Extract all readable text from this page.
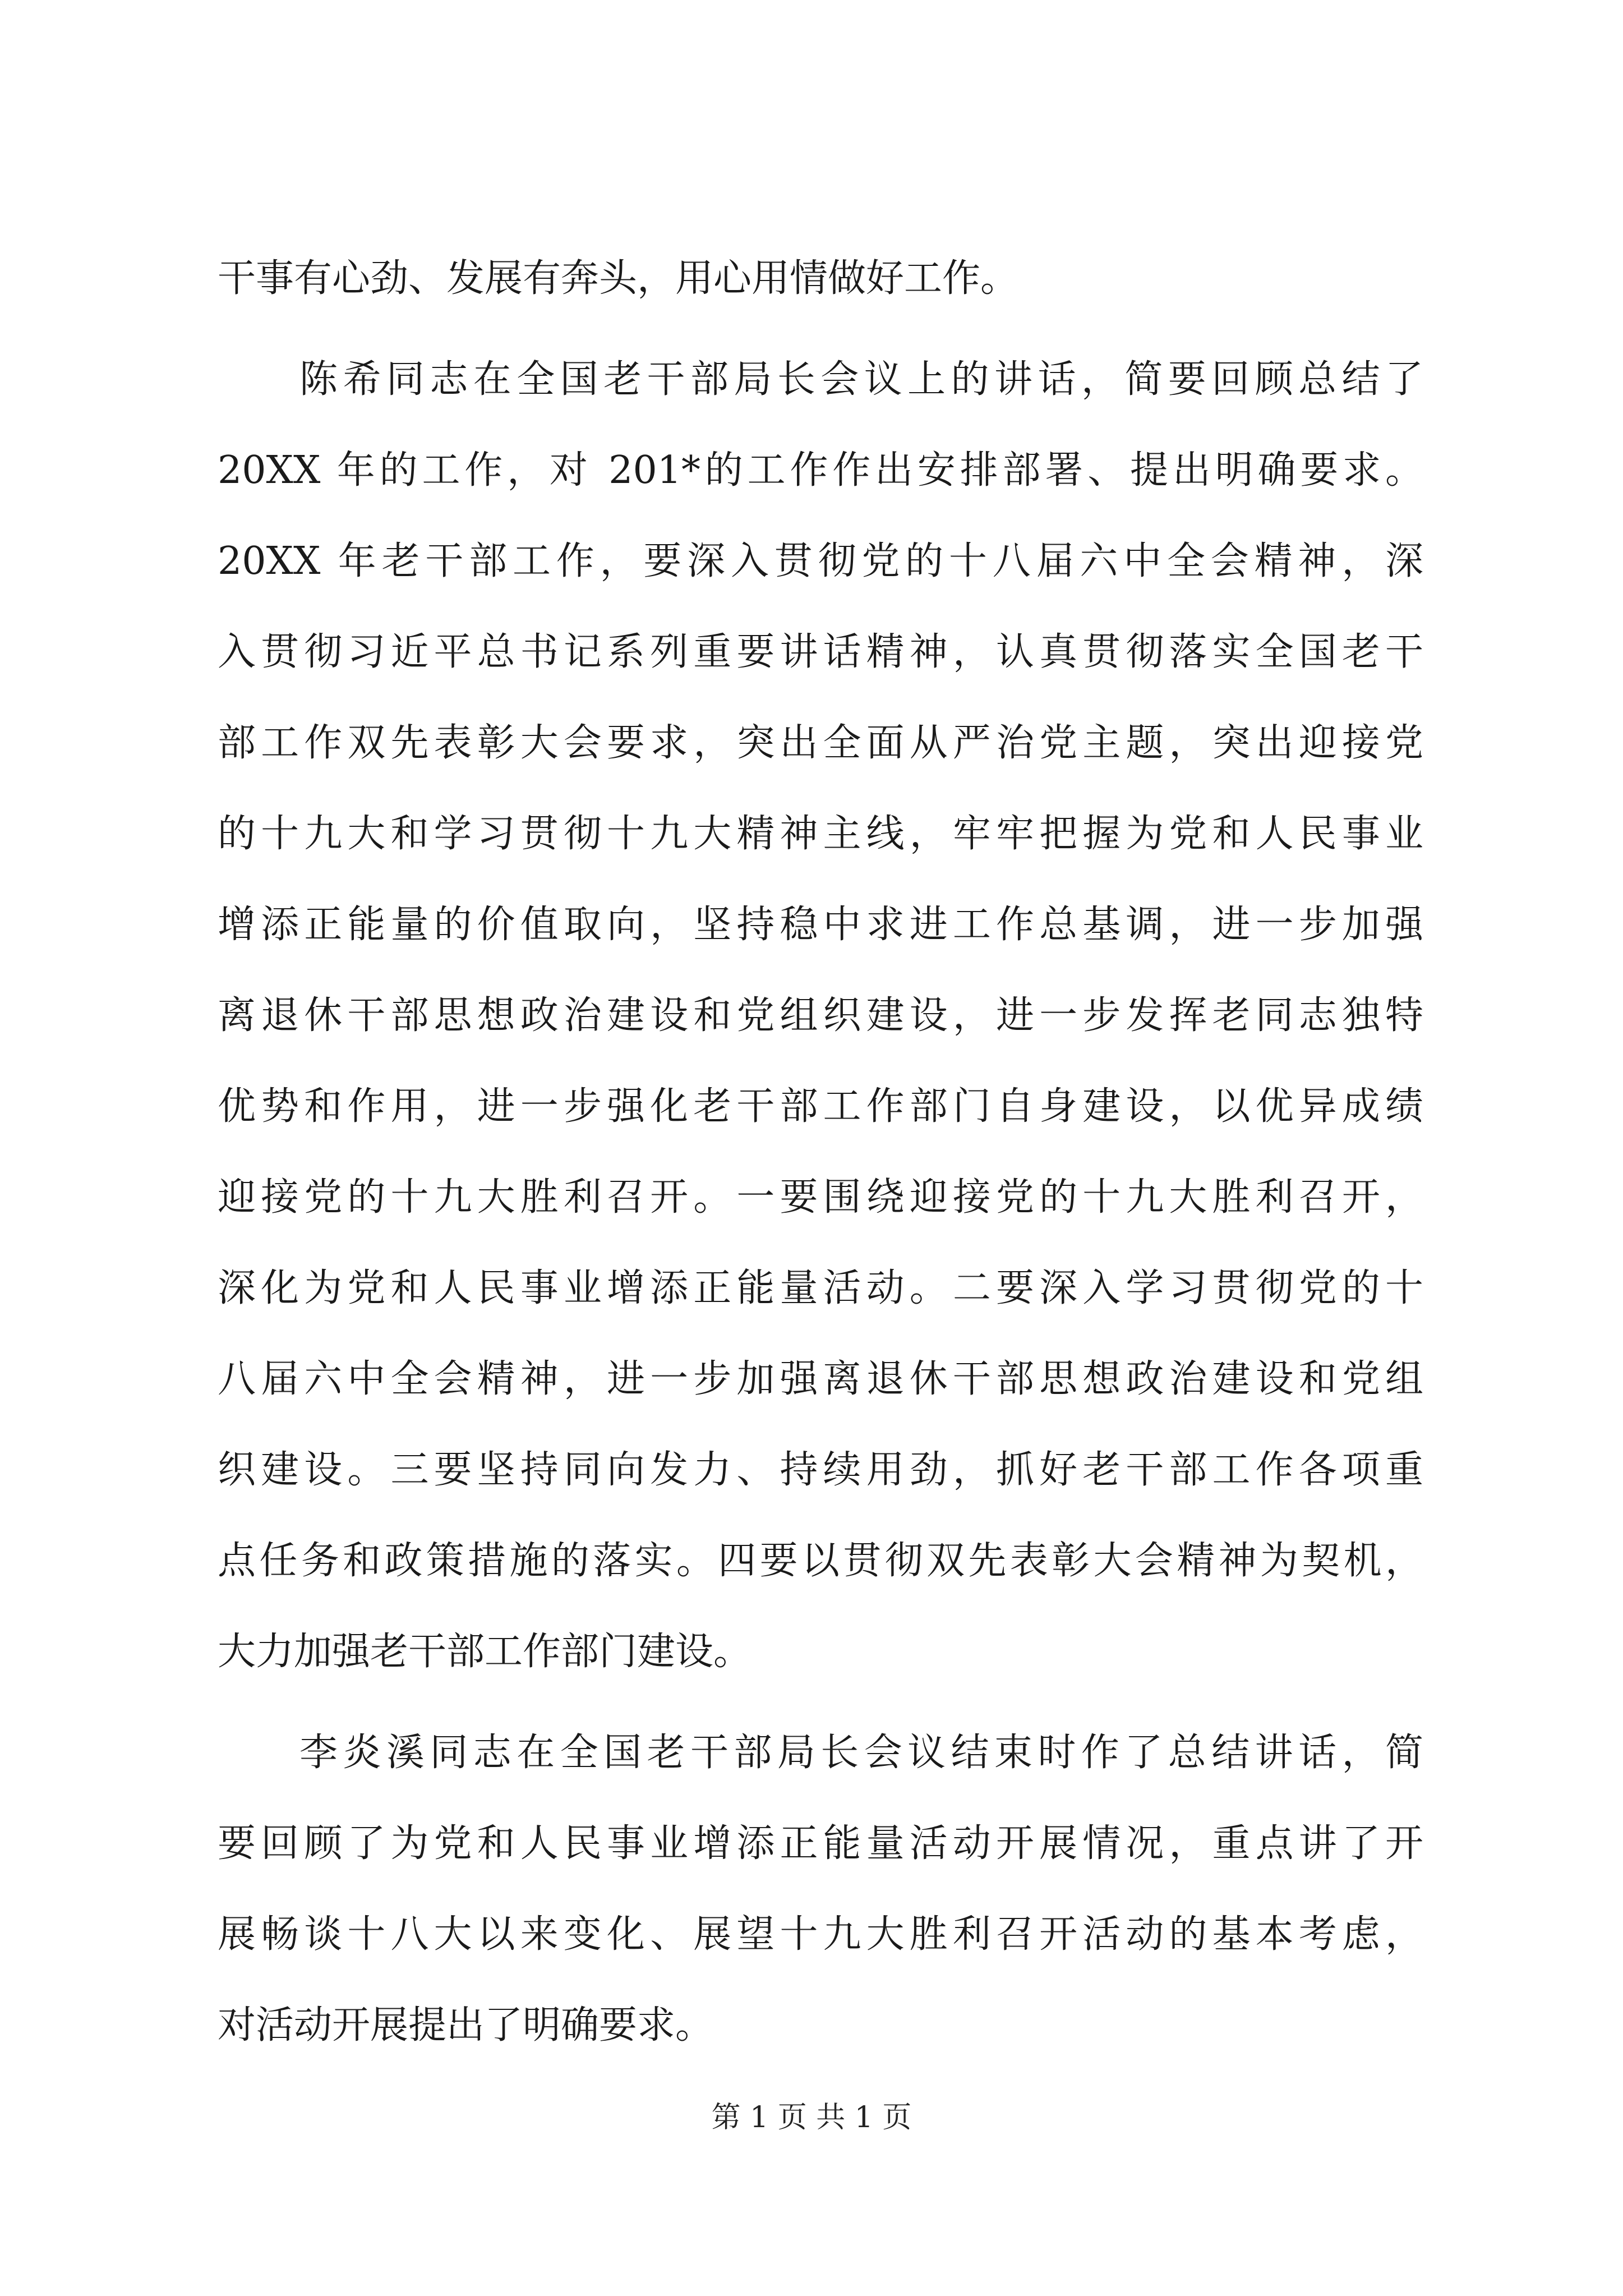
干事有心劲、发展有奔头，用心用情做好工作。
陈希同志在全国老干部局长会议上的讲话，简要回顾总结了
20XX 年的工作，对 201*的工作作出安排部署、提出明确要求。
20XX 年老干部工作，要深入贯彻党的十八届六中全会精神，深
入贯彻习近平总书记系列重要讲话精神，认真贯彻落实全国老干
部工作双先表彰大会要求，突出全面从严治党主题，突出迎接党
的十九大和学习贯彻十九大精神主线，牢牢把握为党和人民事业
增添正能量的价值取向，坚持稳中求进工作总基调，进一步加强
离退休干部思想政治建设和党组织建设，进一步发挥老同志独特
优势和作用，进一步强化老干部工作部门自身建设，以优异成绩
迎接党的十九大胜利召开。一要围绕迎接党的十九大胜利召开，
深化为党和人民事业增添正能量活动。二要深入学习贯彻党的十
八届六中全会精神，进一步加强离退休干部思想政治建设和党组
织建设。三要坚持同向发力、持续用劲，抓好老干部工作各项重
点任务和政策措施的落实。四要以贯彻双先表彰大会精神为契机，
大力加强老干部工作部门建设。
李炎溪同志在全国老干部局长会议结束时作了总结讲话，简
要回顾了为党和人民事业增添正能量活动开展情况，重点讲了开
展畅谈十八大以来变化、展望十九大胜利召开活动的基本考虑，
对活动开展提出了明确要求。
第 1 页 共 1 页
